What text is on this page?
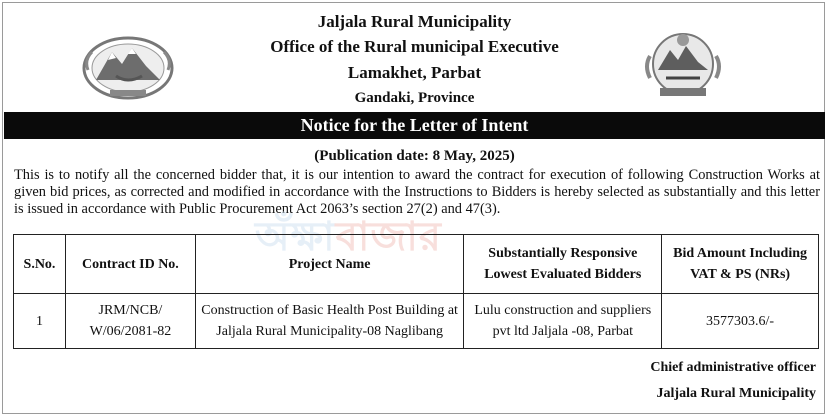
Jaljala Rural Municipality
Office of the Rural municipal Executive
Lamakhet, Parbat
Gandaki, Province
Notice for the Letter of Intent
(Publication date: 8 May, 2025)
This is to notify all the concerned bidder that, it is our intention to award the contract for execution of following Construction Works at given bid prices, as corrected and modified in accordance with the Instructions to Bidders is hereby selected as substantially and this letter is issued in accordance with Public Procurement Act 2063’s section 27(2) and 47(3).
অঁক্ষাবাজার
S.No.	Contract ID No.	Project Name	Substantially Responsive Lowest Evaluated Bidders	Bid Amount Including VAT & PS (NRs)
1	JRM/NCB/ W/06/2081-82	Construction of Basic Health Post Building at Jaljala Rural Municipality-08 Naglibang	Lulu construction and suppliers pvt ltd Jaljala -08, Parbat	3577303.6/-
Chief administrative officer
Jaljala Rural Municipality
